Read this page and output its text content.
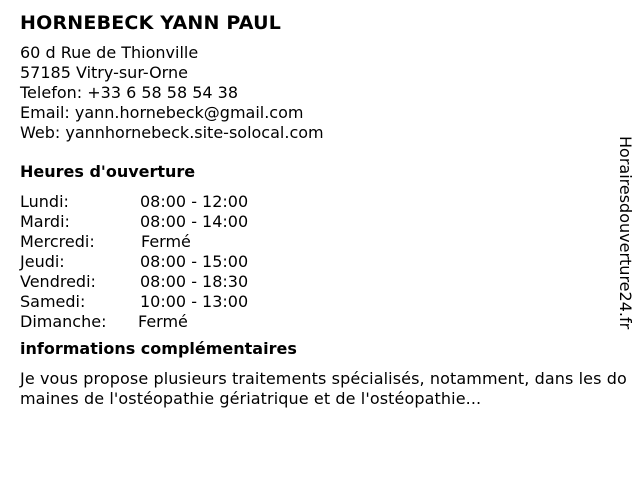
HORNEBECK YANN PAUL
60 d Rue de Thionville
57185 Vitry-sur-Orne
Telefon: +33 6 58 58 54 38
Email: yann.hornebeck@gmail.com
Web: yannhornebeck.site-solocal.com
Heures d'ouverture
Lundi:	08:00 - 12:00
Mardi:	08:00 - 14:00
Mercredi:	Fermé
Jeudi:	08:00 - 15:00
Vendredi:	08:00 - 18:30
Samedi:	10:00 - 13:00
Dimanche: Fermé
informations complémentaires
Je vous propose plusieurs traitements spécialisés, notamment, dans les domaines de l'ostéopathie gériatrique et de l'ostéopathie...
Horairesdouverture24.fr
